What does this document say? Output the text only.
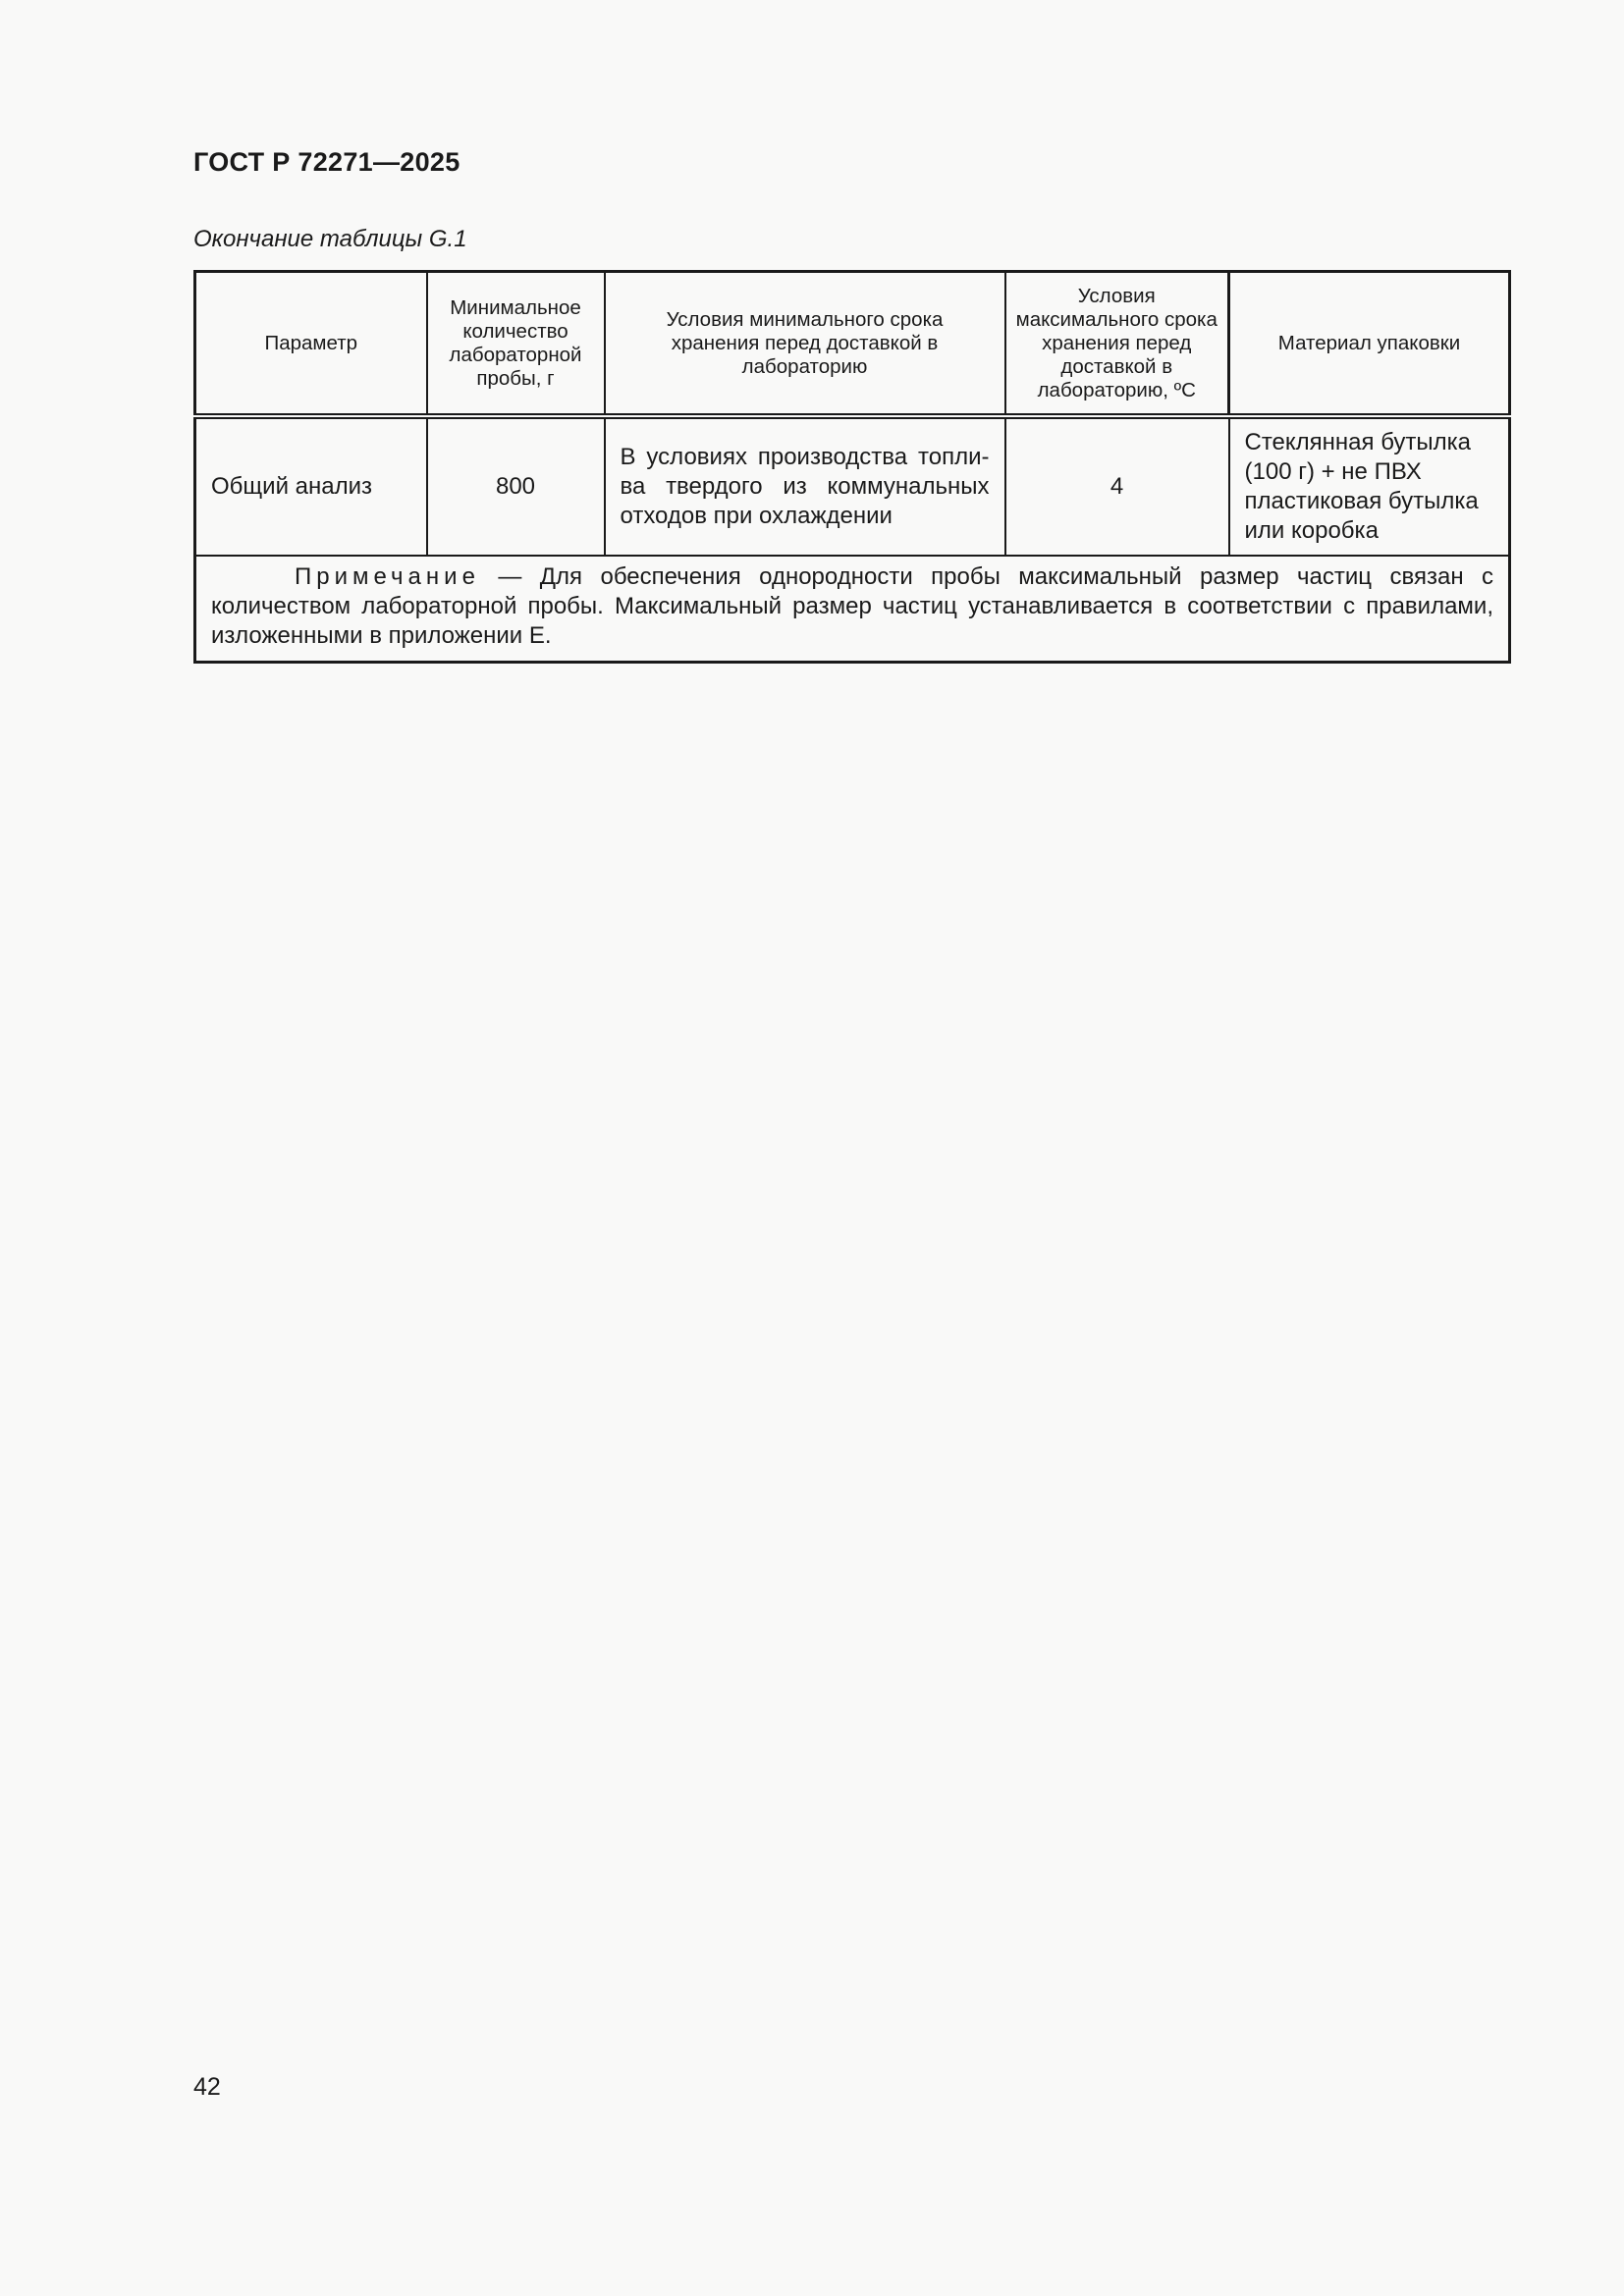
ГОСТ Р 72271—2025
Окончание таблицы G.1
Параметр	Минимальное количество лабораторной пробы, г	Условия минимального срока хранения перед доставкой в лабораторию	Условия максимального срока хранения перед доставкой в лабораторию, ºС	Материал упаковки
Общий анализ	800	В условиях производства топли-ва твердого из коммунальных отходов при охлаждении	4	Стеклянная бутылка (100 г) + не ПВХ пластиковая бутылка или коробка
Примечание — Для обеспечения однородности пробы максимальный размер частиц связан с количеством лабораторной пробы. Максимальный размер частиц устанавливается в соответствии с правилами, изложенными в приложении Е.				
42
